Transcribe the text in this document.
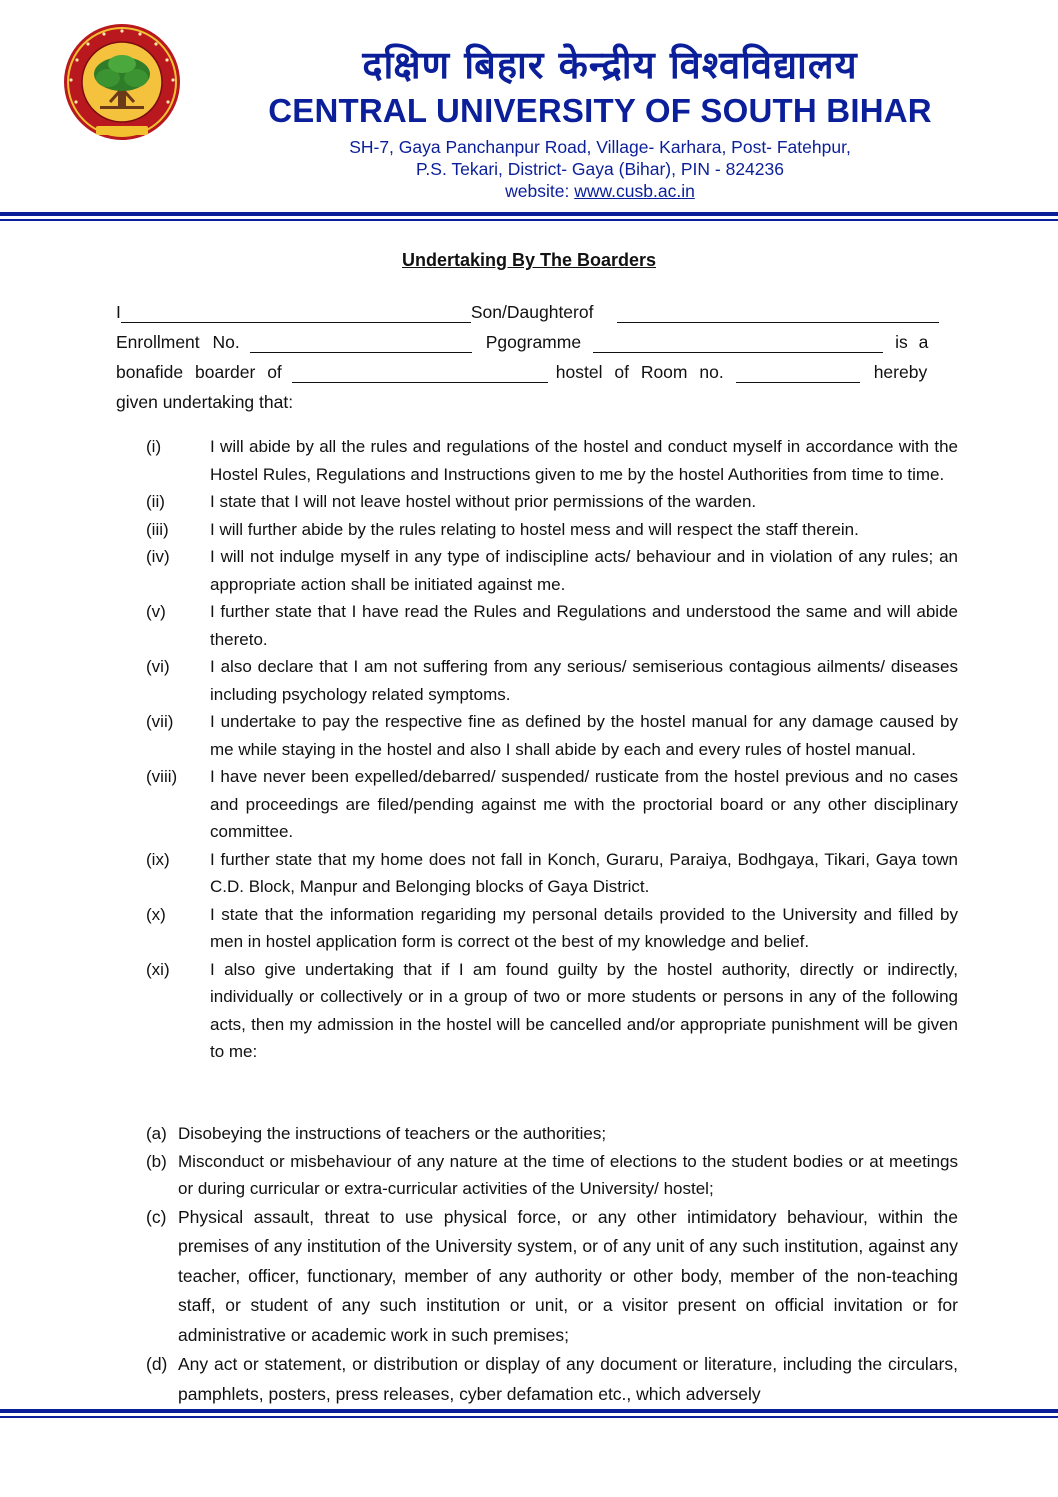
दक्षिण बिहार केन्द्रीय विश्वविद्यालय
CENTRAL UNIVERSITY OF SOUTH BIHAR
SH-7, Gaya Panchanpur Road, Village- Karhara, Post- Fatehpur,
P.S. Tekari, District- Gaya (Bihar), PIN - 824236
website: www.cusb.ac.in
Undertaking By The Boarders
I	Son/Daughterof
Enrollment No.	Pgogramme	is a
bonafide boarder of	hostel of Room no.	hereby
given undertaking that:
(i)	I will abide by all the rules and regulations of the hostel and conduct myself in accordance with the Hostel Rules, Regulations and Instructions given to me by the hostel Authorities from time to time.
(ii)	I state that I will not leave hostel without prior permissions of the warden.
(iii)	I will further abide by the rules relating to hostel mess and will respect the staff therein.
(iv)	I will not indulge myself in any type of indiscipline acts/ behaviour and in violation of any rules; an appropriate action shall be initiated against me.
(v)	I further state that I have read the Rules and Regulations and understood the same and will abide thereto.
(vi)	I also declare that I am not suffering from any serious/ semiserious contagious ailments/ diseases including psychology related symptoms.
(vii)	I undertake to pay the respective fine as defined by the hostel manual for any damage caused by me while staying in the hostel and also I shall abide by each and every rules of hostel manual.
(viii)	I have never been expelled/debarred/ suspended/ rusticate from the hostel previous and no cases and proceedings are filed/pending against me with the proctorial board or any other disciplinary committee.
(ix)	I further state that my home does not fall in Konch, Guraru, Paraiya, Bodhgaya, Tikari, Gaya town C.D. Block, Manpur and Belonging blocks of Gaya District.
(x)	I state that the information regariding my personal details provided to the University and filled by men in hostel application form is correct ot the best of my knowledge and belief.
(xi)	I also give undertaking that if I am found guilty by the hostel authority, directly or indirectly, individually or collectively or in a group of two or more students or persons in any of the following acts, then my admission in the hostel will be cancelled and/or appropriate punishment will be given to me:
(a) Disobeying the instructions of teachers or the authorities;
(b) Misconduct or misbehaviour of any nature at the time of elections to the student bodies or at meetings or during curricular or extra-curricular activities of the University/ hostel;
(c) Physical assault, threat to use physical force, or any other intimidatory behaviour, within the premises of any institution of the University system, or of any unit of any such institution, against any teacher, officer, functionary, member of any authority or other body, member of the non-teaching staff, or student of any such institution or unit, or a visitor present on official invitation or for administrative or academic work in such premises;
(d) Any act or statement, or distribution or display of any document or literature, including the circulars, pamphlets, posters, press releases, cyber defamation etc., which adversely
